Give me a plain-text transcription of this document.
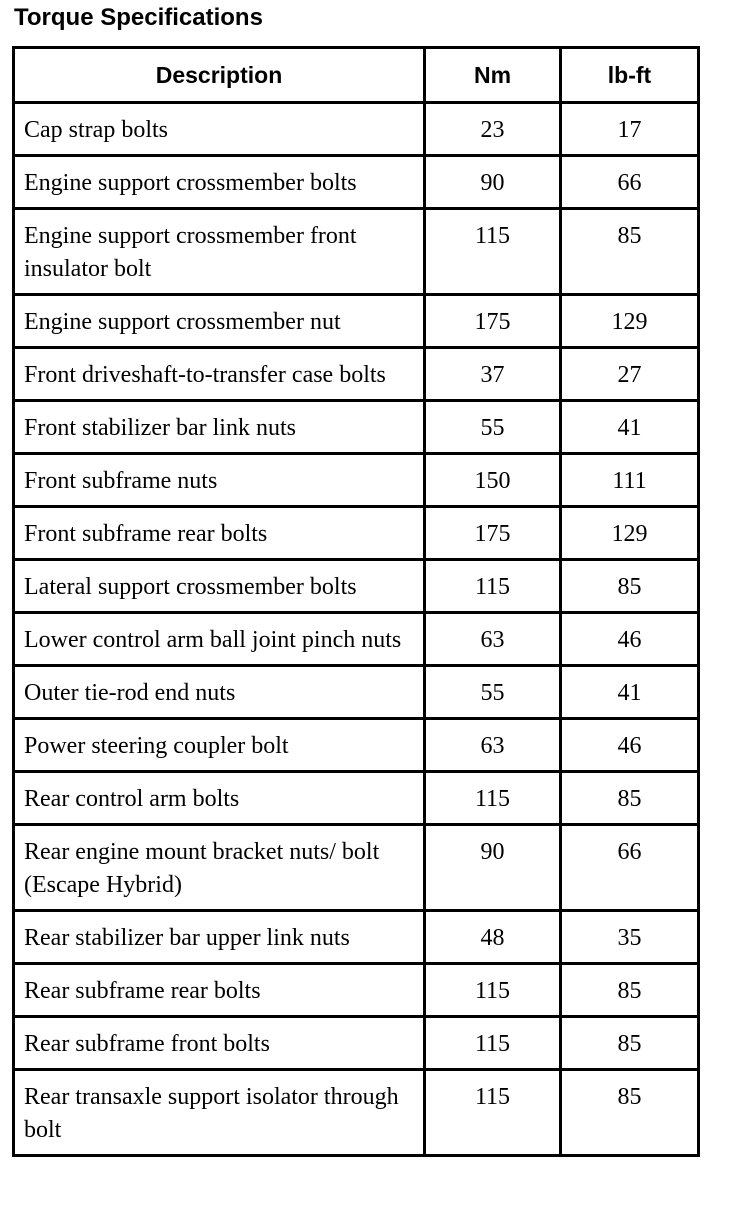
Torque Specifications
Description	Nm	lb-ft
Cap strap bolts	23	17
Engine support crossmember bolts	90	66
Engine support crossmember front insulator bolt	115	85
Engine support crossmember nut	175	129
Front driveshaft-to-transfer case bolts	37	27
Front stabilizer bar link nuts	55	41
Front subframe nuts	150	111
Front subframe rear bolts	175	129
Lateral support crossmember bolts	115	85
Lower control arm ball joint pinch nuts	63	46
Outer tie-rod end nuts	55	41
Power steering coupler bolt	63	46
Rear control arm bolts	115	85
Rear engine mount bracket nuts/ bolt (Escape Hybrid)	90	66
Rear stabilizer bar upper link nuts	48	35
Rear subframe rear bolts	115	85
Rear subframe front bolts	115	85
Rear transaxle support isolator through bolt	115	85
